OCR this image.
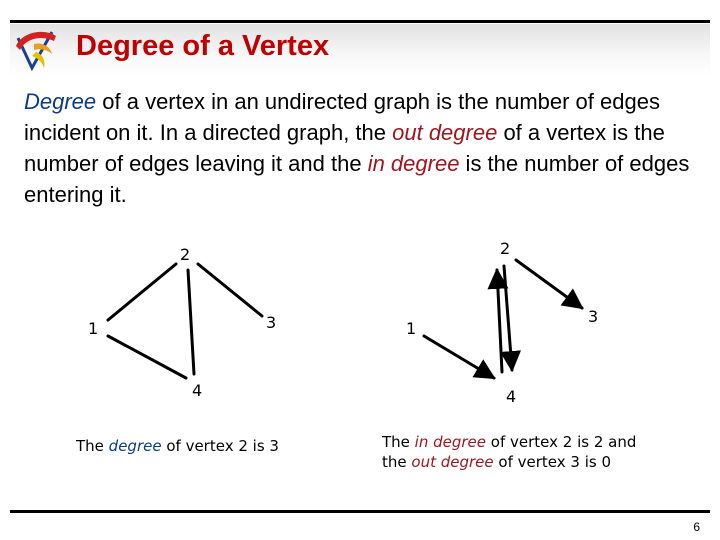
Degree of a Vertex
Degree of a vertex in an undirected graph is the number of edges incident on it. In a directed graph, the out degree of a vertex is the number of edges leaving it and the in degree is the number of edges entering it.
2
1	3
4
2
1
3
4
The degree of vertex 2 is 3	The in degree of vertex 2 is 2 and
the out degree of vertex 3 is 0
6
